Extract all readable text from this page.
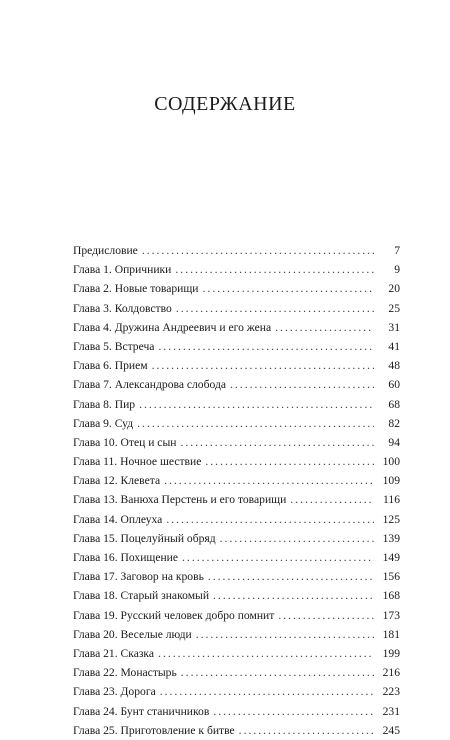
СОДЕРЖАНИЕ
Предисловие .....	7
Глава 1. Опричники .....	9
Глава 2. Новые товарищи .....	20
Глава 3. Колдовство .....	25
Глава 4. Дружина Андреевич и его жена .....	31
Глава 5. Встреча .....	41
Глава 6. Прием .....	48
Глава 7. Александрова слобода .....	60
Глава 8. Пир .....	68
Глава 9. Суд .....	82
Глава 10. Отец и сын .....	94
Глава 11. Ночное шествие .....	100
Глава 12. Клевета .....	109
Глава 13. Ванюха Перстень и его товарищи .....	116
Глава 14. Оплеуха .....	125
Глава 15. Поцелуйный обряд .....	139
Глава 16. Похищение .....	149
Глава 17. Заговор на кровь .....	156
Глава 18. Старый знакомый .....	168
Глава 19. Русский человек добро помнит .....	173
Глава 20. Веселые люди .....	181
Глава 21. Сказка .....	199
Глава 22. Монастырь .....	216
Глава 23. Дорога .....	223
Глава 24. Бунт станичников .....	231
Глава 25. Приготовление к битве .....	245
